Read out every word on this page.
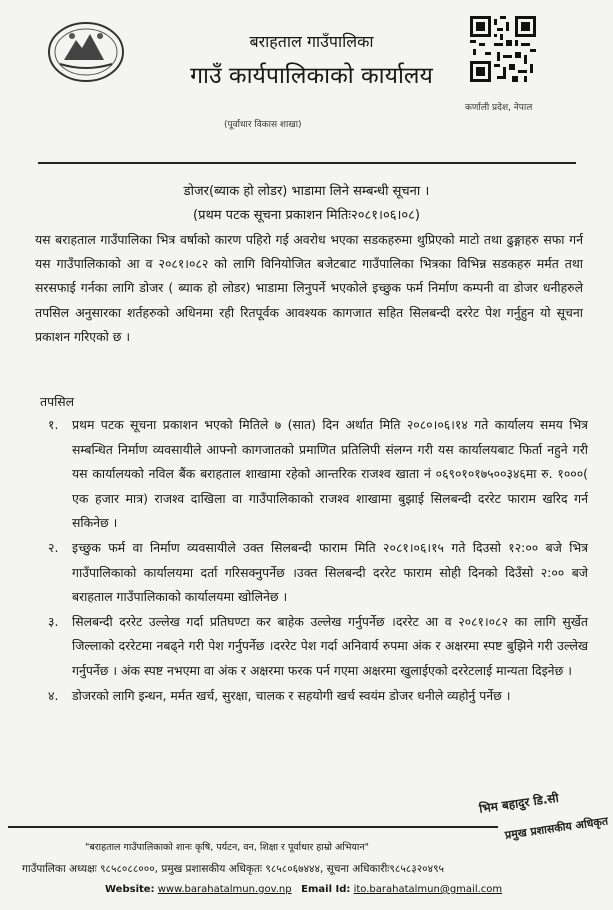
बराहताल गाउँपालिका
गाउँ कार्यपालिकाको कार्यालय
(पूर्वाधार विकास शाखा)
कर्णाली प्रदेश, नेपाल
डोजर(ब्याक हो लोडर) भाडामा लिने सम्बन्धी सूचना ।
(प्रथम पटक सूचना प्रकाशन मितिः२०८१।०६।०८)
यस बराहताल गाउँपालिका भित्र वर्षाको कारण पहिरो गई अवरोध भएका सडकहरुमा थुप्रिएको माटो तथा ढुङ्गाहरु सफा गर्न यस गाउँपालिकाको आ व २०८१।०८२ को लागि विनियोजित बजेटबाट गाउँपालिका भित्रका विभिन्न सडकहरु मर्मत तथा सरसफाई गर्नका लागि डोजर ( ब्याक हो लोडर) भाडामा लिनुपर्ने भएकोले इच्छुक फर्म निर्माण कम्पनी वा डोजर धनीहरुले तपसिल अनुसारका शर्तहरुको अधिनमा रही रितपूर्वक आवश्यक कागजात सहित सिलबन्दी दररेट पेश गर्नुहुन यो सूचना प्रकाशन गरिएको छ ।
तपसिल
१. प्रथम पटक सूचना प्रकाशन भएको मितिले ७ (सात) दिन अर्थात मिति २०८०।०६।१४ गते कार्यालय समय भित्र सम्बन्धित निर्माण व्यवसायीले आफ्नो कागजातको प्रमाणित प्रतिलिपी संलग्न गरी यस कार्यालयबाट फिर्ता नहुने गरी यस कार्यालयको नविल बैंक बराहताल शाखामा रहेको आन्तरिक राजश्व खाता नं ०६९०१०१७५००३४६मा रु. १०००( एक हजार मात्र) राजश्व दाखिला वा गाउँपालिकाको राजश्व शाखामा बुझाई सिलबन्दी दररेट फाराम खरिद गर्न सकिनेछ ।
२. इच्छुक फर्म वा निर्माण व्यवसायीले उक्त सिलबन्दी फाराम मिति २०८१।०६।१५ गते दिउसो १२:०० बजे भित्र गाउँपालिकाको कार्यालयमा दर्ता गरिसक्नुपर्नेछ ।उक्त सिलबन्दी दररेट फाराम सोही दिनको दिउँसो २:०० बजे बराहताल गाउँपालिकाको कार्यालयमा खोलिनेछ ।
३. सिलबन्दी दररेट उल्लेख गर्दा प्रतिघण्टा कर बाहेक उल्लेख गर्नुपर्नेछ ।दररेट आ व २०८१।०८२ का लागि सुर्खेत जिल्लाको दररेटमा नबढ्ने गरी पेश गर्नुपर्नेछ ।दररेट पेश गर्दा अनिवार्य रुपमा अंक र अक्षरमा स्पष्ट बुझिने गरी उल्लेख गर्नुपर्नेछ । अंक स्पष्ट नभएमा वा अंक र अक्षरमा फरक पर्न गएमा अक्षरमा खुलाईएको दररेटलाई मान्यता दिइनेछ ।
४. डोजरको लागि इन्धन, मर्मत खर्च, सुरक्षा, चालक र सहयोगी खर्च स्वयंम डोजर धनीले व्यहोर्नु पर्नेछ ।
भिम बहादुर डि.सी
प्रमुख प्रशासकीय अधिकृत
"बराहताल गाउँपालिकाको शानः कृषि, पर्यटन, वन, शिक्षा र पूर्वाधार हाम्रो अभियान"
गाउँपालिका अध्यक्षः ९८५८०८८०००, प्रमुख प्रशासकीय अधिकृतः ९८५८०६७४४४, सूचना अधिकारीः९८५८३२०४९५
Website: www.barahatalmun.gov.np Email Id: ito.barahatalmun@gmail.com
